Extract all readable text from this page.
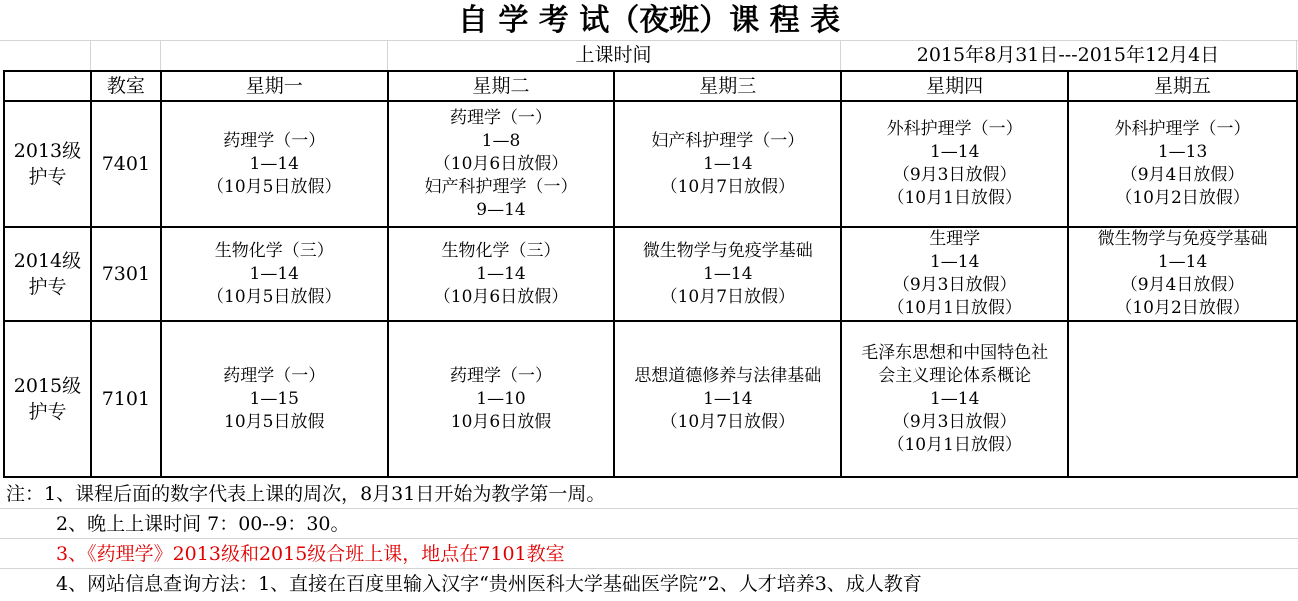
自 学 考 试（夜班）课 程 表
上课时间	2015年8月31日---2015年12月4日
	教室	星期一	星期二	星期三	星期四	星期五

2013级
护专	7401	药理学（一）
1—14
（10月5日放假）	药理学（一）
1—8
（10月6日放假）
妇产科护理学（一）
9—14	妇产科护理学（一）
1—14
（10月7日放假）	外科护理学（一）
1—14
（9月3日放假）
（10月1日放假）	外科护理学（一）
1—13
（9月4日放假）
（10月2日放假）

2014级
护专	7301	生物化学（三）
1—14
（10月5日放假）	生物化学（三）
1—14
（10月6日放假）	微生物学与免疫学基础
1—14
（10月7日放假）	生理学
1—14
（9月3日放假）
（10月1日放假）	微生物学与免疫学基础
1—14
（9月4日放假）
（10月2日放假）

2015级
护专	7101	药理学（一）
1—15
10月5日放假	药理学（一）
1—10
10月6日放假	思想道德修养与法律基础
1—14
（10月7日放假）	毛泽东思想和中国特色社
会主义理论体系概论
1—14
（9月3日放假）
（10月1日放假）	

注：1、课程后面的数字代表上课的周次，8月31日开始为教学第一周。
2、晚上上课时间 7：00--9：30。
3、《药理学》2013级和2015级合班上课，地点在7101教室
4、网站信息查询方法：1、直接在百度里输入汉字“贵州医科大学基础医学院”2、人才培养3、成人教育
